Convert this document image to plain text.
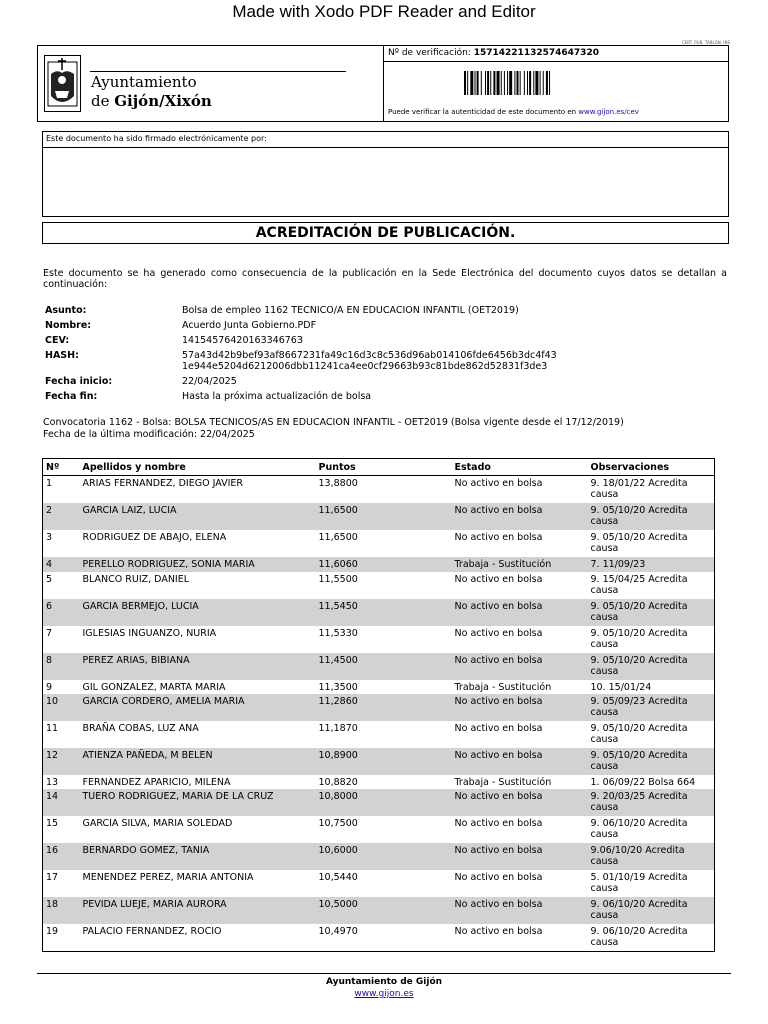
Made with Xodo PDF Reader and Editor
CERT. PUB. TABLON. INS
Ayuntamiento
de Gijón/Xixón
Nº de verificación: 15714221132574647320
Puede verificar la autenticidad de este documento en www.gijon.es/cev
Este documento ha sido firmado electrónicamente por:
ACREDITACIÓN DE PUBLICACIÓN.
Este documento se ha generado como consecuencia de la publicación en la Sede Electrónica del documento cuyos datos se detallan a continuación:
Asunto:	Bolsa de empleo 1162 TECNICO/A EN EDUCACION INFANTIL (OET2019)
Nombre:	Acuerdo Junta Gobierno.PDF
CEV:	1415457642016334676З
HASH:	57a43d42b9bef93af8667231fa49c16d3c8c536d96ab014106fde6456b3dc4f43
1e944e5204d6212006dbb11241ca4ee0cf29663b93c81bde862d52831f3de3
Fecha inicio:	22/04/2025
Fecha fin:	Hasta la próxima actualización de bolsa
Convocatoria 1162 - Bolsa: BOLSA TECNICOS/AS EN EDUCACION INFANTIL - OET2019 (Bolsa vigente desde el 17/12/2019)
Fecha de la última modificación: 22/04/2025
Nº	Apellidos y nombre	Puntos	Estado	Observaciones
1	ARIAS FERNANDEZ, DIEGO JAVIER	13,8800	No activo en bolsa	9. 18/01/22 Acredita causa
2	GARCIA LAIZ, LUCIA	11,6500	No activo en bolsa	9. 05/10/20 Acredita causa
3	RODRIGUEZ DE ABAJO, ELENA	11,6500	No activo en bolsa	9. 05/10/20 Acredita causa
4	PERELLO RODRIGUEZ, SONIA MARIA	11,6060	Trabaja - Sustitución	7. 11/09/23
5	BLANCO RUIZ, DANIEL	11,5500	No activo en bolsa	9. 15/04/25 Acredita causa
6	GARCIA BERMEJO, LUCIA	11,5450	No activo en bolsa	9. 05/10/20 Acredita causa
7	IGLESIAS INGUANZO, NURIA	11,5330	No activo en bolsa	9. 05/10/20 Acredita causa
8	PEREZ ARIAS, BIBIANA	11,4500	No activo en bolsa	9. 05/10/20 Acredita causa
9	GIL GONZALEZ, MARTA MARIA	11,3500	Trabaja - Sustitución	10. 15/01/24
10	GARCIA CORDERO, AMELIA MARIA	11,2860	No activo en bolsa	9. 05/09/23 Acredita causa
11	BRAÑA COBAS, LUZ ANA	11,1870	No activo en bolsa	9. 05/10/20 Acredita causa
12	ATIENZA PAÑEDA, M BELEN	10,8900	No activo en bolsa	9. 05/10/20 Acredita causa
13	FERNANDEZ APARICIO, MILENA	10,8820	Trabaja - Sustitución	1. 06/09/22 Bolsa 664
14	TUERO RODRIGUEZ, MARIA DE LA CRUZ	10,8000	No activo en bolsa	9. 20/03/25 Acredita causa
15	GARCIA SILVA, MARIA SOLEDAD	10,7500	No activo en bolsa	9. 06/10/20 Acredita causa
16	BERNARDO GOMEZ, TANIA	10,6000	No activo en bolsa	9.06/10/20 Acredita causa
17	MENENDEZ PEREZ, MARIA ANTONIA	10,5440	No activo en bolsa	5. 01/10/19 Acredita causa
18	PEVIDA LUEJE, MARIA AURORA	10,5000	No activo en bolsa	9. 06/10/20 Acredita causa
19	PALACIO FERNANDEZ, ROCIO	10,4970	No activo en bolsa	9. 06/10/20 Acredita causa
Ayuntamiento de Gijón
www.gijon.es
